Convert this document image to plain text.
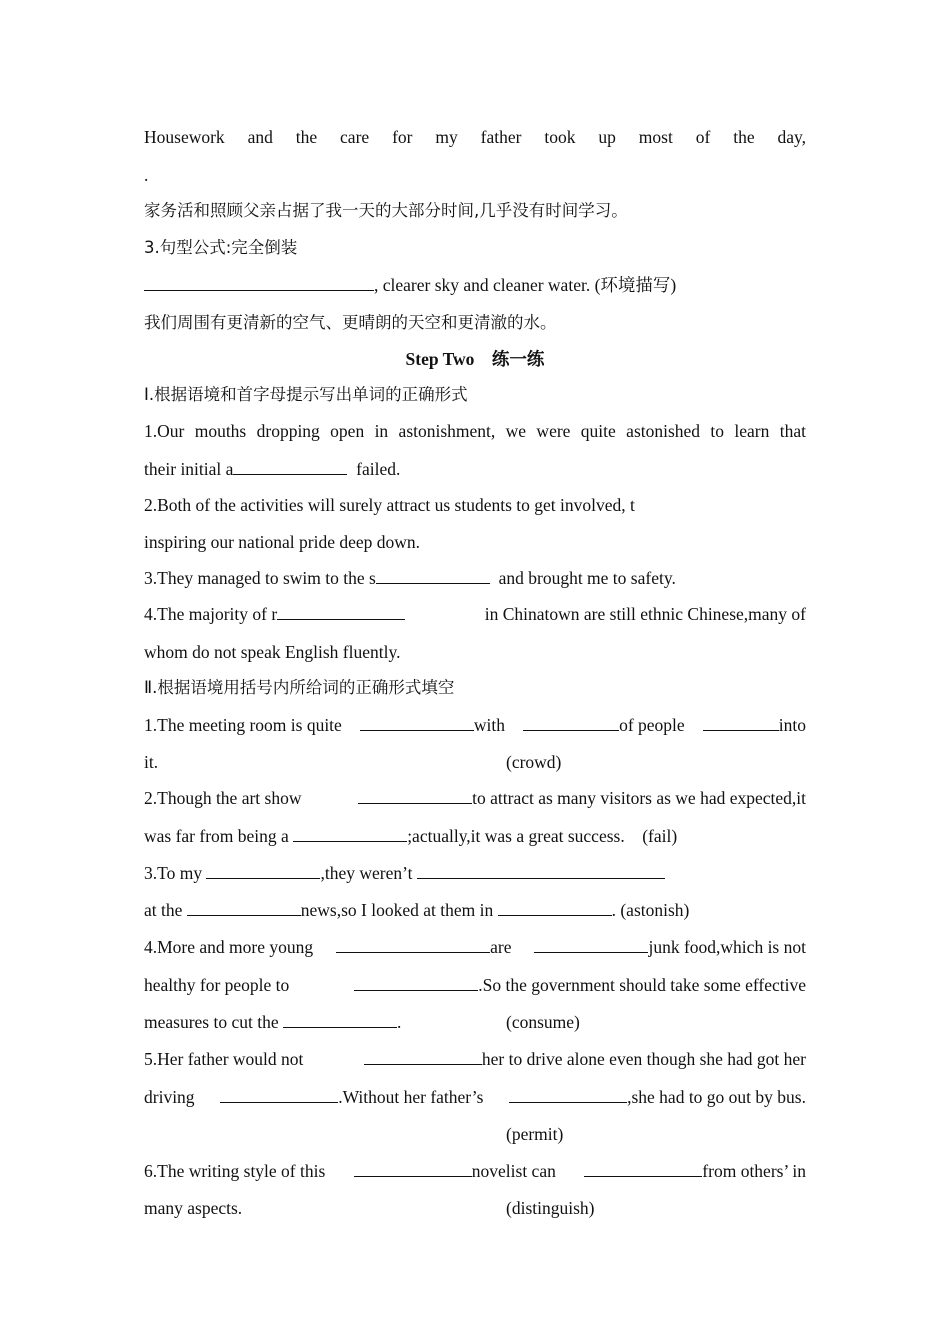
Housework and the care for my father took up most of the day,
.
家务活和照顾父亲占据了我一天的大部分时间,几乎没有时间学习。
3.句型公式:完全倒装
, clearer sky and cleaner water. (环境描写)
我们周围有更清新的空气、更晴朗的天空和更清澈的水。
Step Two　练一练
Ⅰ.根据语境和首字母提示写出单词的正确形式
1.Our mouths dropping open in astonishment, we were quite astonished to learn that
their initial a	failed.
2.Both of the activities will surely attract us students to get involved, t
inspiring our national pride deep down.
3.They managed to swim to the s	and brought me to safety.
4.The majority of r	in Chinatown are still ethnic Chinese,many of
whom do not speak English fluently.
Ⅱ.根据语境用括号内所给词的正确形式填空
1.The meeting room is quite	with	of people	into
it.	(crowd)
2.Though the art show	to attract as many visitors as we had expected,it
was far from being a	;actually,it was a great success. (fail)
3.To my	,they weren’t
at the	news,so I looked at them in	. (astonish)
4.More and more young	are	junk food,which is not
healthy for people to	.So the government should take some effective
measures to cut the	.	(consume)
5.Her father would not	her to drive alone even though she had got her
driving	.Without her father’s	,she had to go out by bus.
(permit)
6.The writing style of this	novelist can	from others’ in
many aspects.	(distinguish)
